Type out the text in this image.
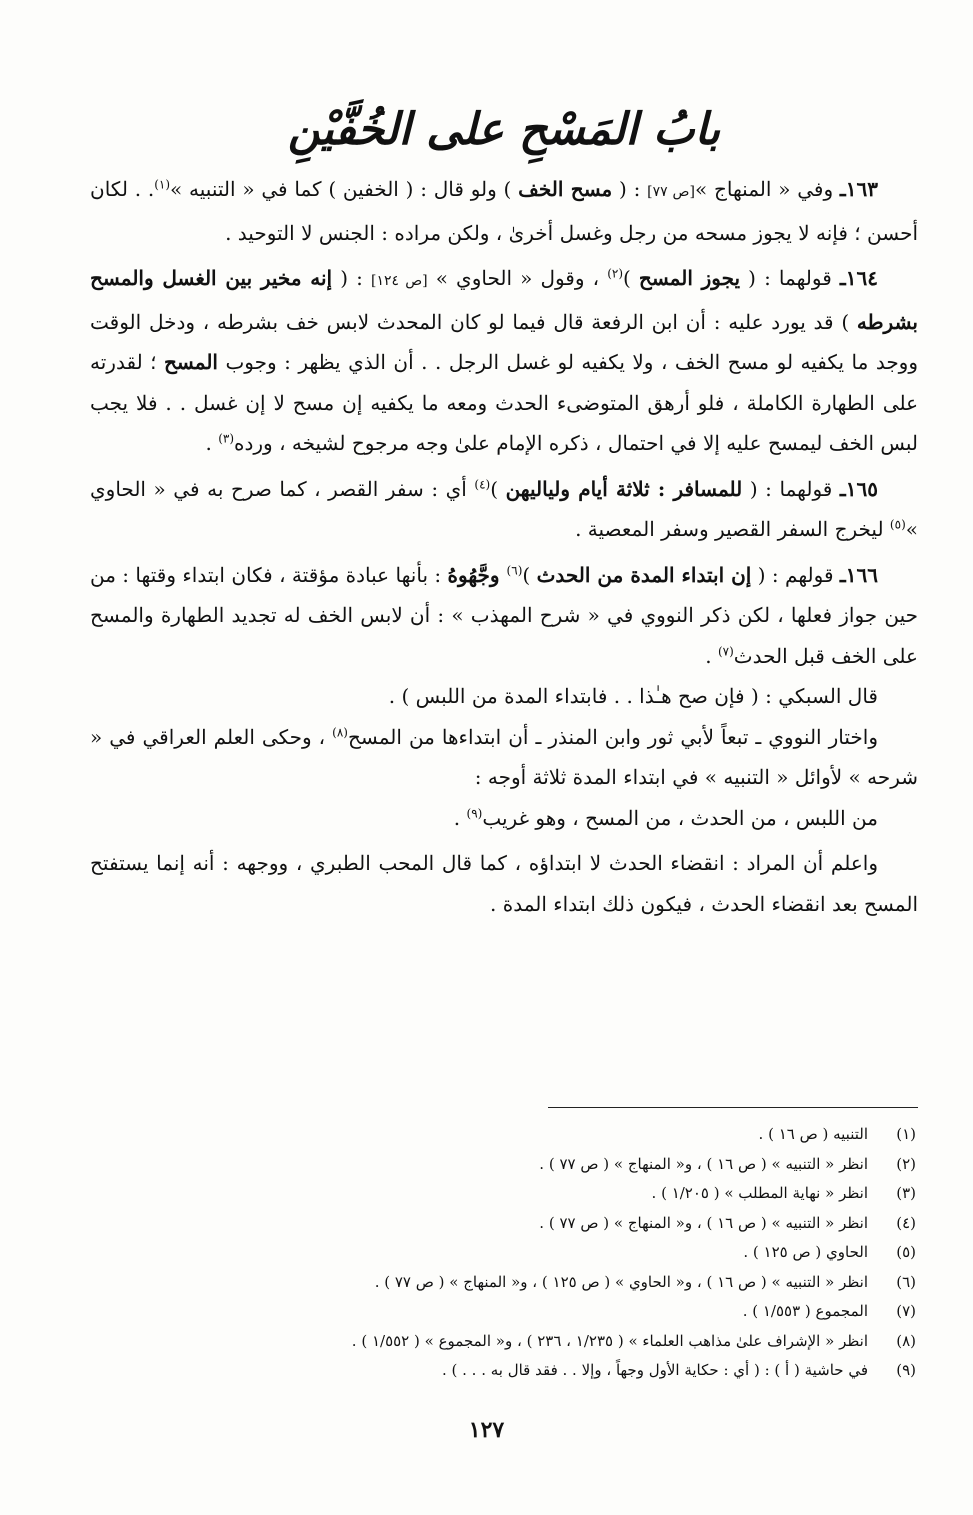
بابُ المَسْحِ على الخُفَّيْنِ

١٦٣ـ وفي « المنهاج »[ص ٧٧] : ( مسح الخف ) ولو قال : ( الخفين ) كما في « التنبيه »$^{(١)}$. . لكان أحسن ؛ فإنه لا يجوز مسحه من رجل وغسل أخرىٰ ، ولكن مراده : الجنس لا التوحيد .

١٦٤ـ قولهما : ( يجوز المسح )$^{(٢)}$ ، وقول « الحاوي » [ص ١٢٤] : ( إنه مخير بين الغسل والمسح بشرطه ) قد يورد عليه : أن ابن الرفعة قال فيما لو كان المحدث لابس خف بشرطه ، ودخل الوقت ووجد ما يكفيه لو مسح الخف ، ولا يكفيه لو غسل الرجل . . أن الذي يظهر : وجوب المسح ؛ لقدرته على الطهارة الكاملة ، فلو أرهق المتوضىء الحدث ومعه ما يكفيه إن مسح لا إن غسل . . فلا يجب لبس الخف ليمسح عليه إلا في احتمال ، ذكره الإمام علىٰ وجه مرجوح لشيخه ، ورده$^{(٣)}$ .

١٦٥ـ قولهما : ( للمسافر : ثلاثة أيام ولياليهن )$^{(٤)}$ أي : سفر القصر ، كما صرح به في « الحاوي »$^{(٥)}$ ليخرج السفر القصير وسفر المعصية .

١٦٦ـ قولهم : ( إن ابتداء المدة من الحدث )$^{(٦)}$ وجَّهُوهُ : بأنها عبادة مؤقتة ، فكان ابتداء وقتها : من حين جواز فعلها ، لكن ذكر النووي في « شرح المهذب » : أن لابس الخف له تجديد الطهارة والمسح على الخف قبل الحدث$^{(٧)}$ .

قال السبكي : ( فإن صح هـٰذا . . فابتداء المدة من اللبس ) .

واختار النووي ـ تبعاً لأبي ثور وابن المنذر ـ أن ابتداءها من المسح$^{(٨)}$ ، وحكى العلم العراقي في « شرحه » لأوائل « التنبيه » في ابتداء المدة ثلاثة أوجه :

من اللبس ، من الحدث ، من المسح ، وهو غريب$^{(٩)}$ .

واعلم أن المراد : انقضاء الحدث لا ابتداؤه ، كما قال المحب الطبري ، ووجهه : أنه إنما يستفتح المسح بعد انقضاء الحدث ، فيكون ذلك ابتداء المدة .

(١)
التنبيه ( ص ١٦ ) .
(٢)
انظر « التنبيه » ( ص ١٦ ) ، و« المنهاج » ( ص ٧٧ ) .
(٣)
انظر « نهاية المطلب » ( ١/٢٠٥ ) .
(٤)
انظر « التنبيه » ( ص ١٦ ) ، و« المنهاج » ( ص ٧٧ ) .
(٥)
الحاوي ( ص ١٢٥ ) .
(٦)
انظر « التنبيه » ( ص ١٦ ) ، و« الحاوي » ( ص ١٢٥ ) ، و« المنهاج » ( ص ٧٧ ) .
(٧)
المجموع ( ١/٥٥٣ ) .
(٨)
انظر « الإشراف علىٰ مذاهب العلماء » ( ١/٢٣٥ ، ٢٣٦ ) ، و« المجموع » ( ١/٥٥٢ ) .
(٩)
في حاشية ( أ ) : ( أي : حكاية الأول وجهاً ، وإلا . . فقد قال به . . . ) .
١٢٧
